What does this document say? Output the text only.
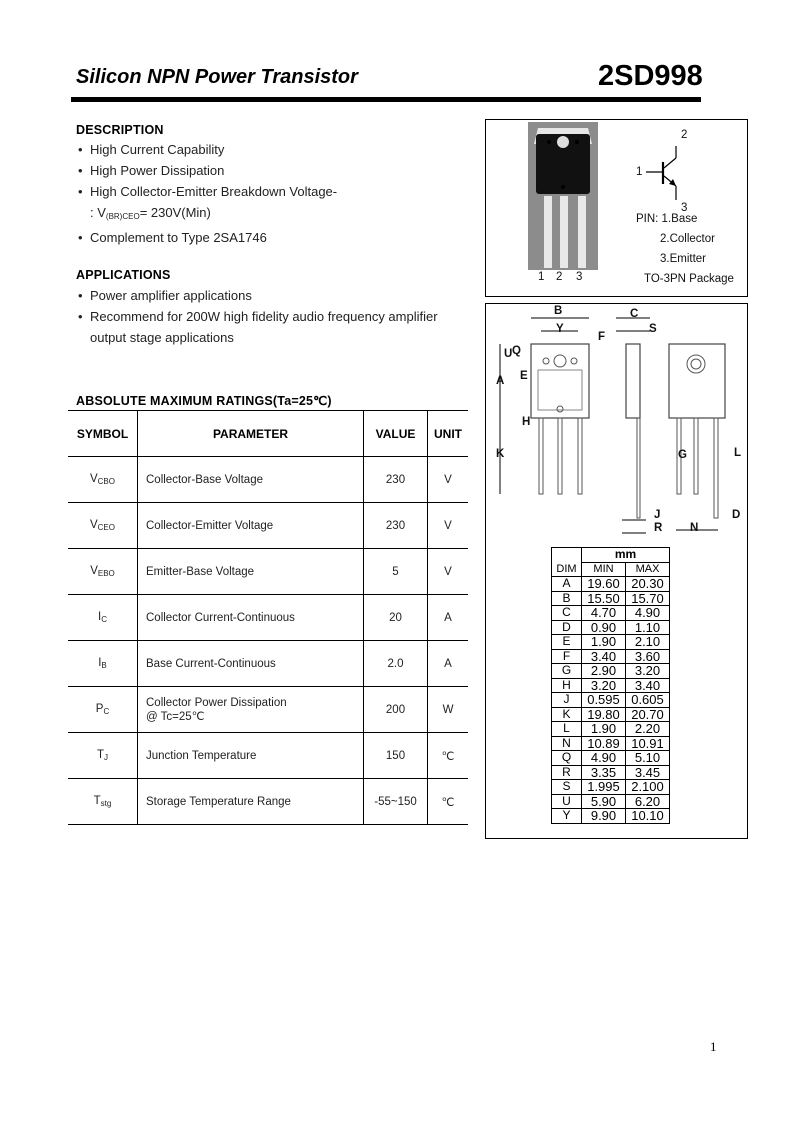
Silicon NPN Power Transistor	2SD998
DESCRIPTION
• High Current Capability
• High Power Dissipation
• High Collector-Emitter Breakdown Voltage-
: $V_{(BR)CEO}= 230V(Min)$
• Complement to Type 2SA1746
APPLICATIONS
• Power amplifier applications
• Recommend for 200W high fidelity audio frequency amplifier
output stage applications
ABSOLUTE MAXIMUM RATINGS(Ta=25℃)
SYMBOL	PARAMETER	VALUE	UNIT
$V_{CBO}$	Collector-Base Voltage	230	V
$V_{CEO}$	Collector-Emitter Voltage	230	V
$V_{EBO}$	Emitter-Base Voltage	5	V
$I_C$	Collector Current-Continuous	20	A
$I_B$	Base Current-Continuous	2.0	A
$P_C$	Collector Power Dissipation
@ Tc=25℃	200	W
$T_J$	Junction Temperature	150	℃
$T_{stg}$	Storage Temperature Range	-55~150	℃
1 2 3
1
2
3
PIN: 1.Base
2.Collector
3.Emitter
TO-3PN Package
B
Y
C
S
F
U Q
E
A
H
K	G	L
J
R N
D
	mm	
DIM	MIN	MAX
A	19.60	20.30
B	15.50	15.70
C	4.70	4.90
D	0.90	1.10
E	1.90	2.10
F	3.40	3.60
G	2.90	3.20
H	3.20	3.40
J	0.595	0.605
K	19.80	20.70
L	1.90	2.20
N	10.89	10.91
Q	4.90	5.10
R	3.35	3.45
S	1.995	2.100
U	5.90	6.20
Y	9.90	10.10
1
